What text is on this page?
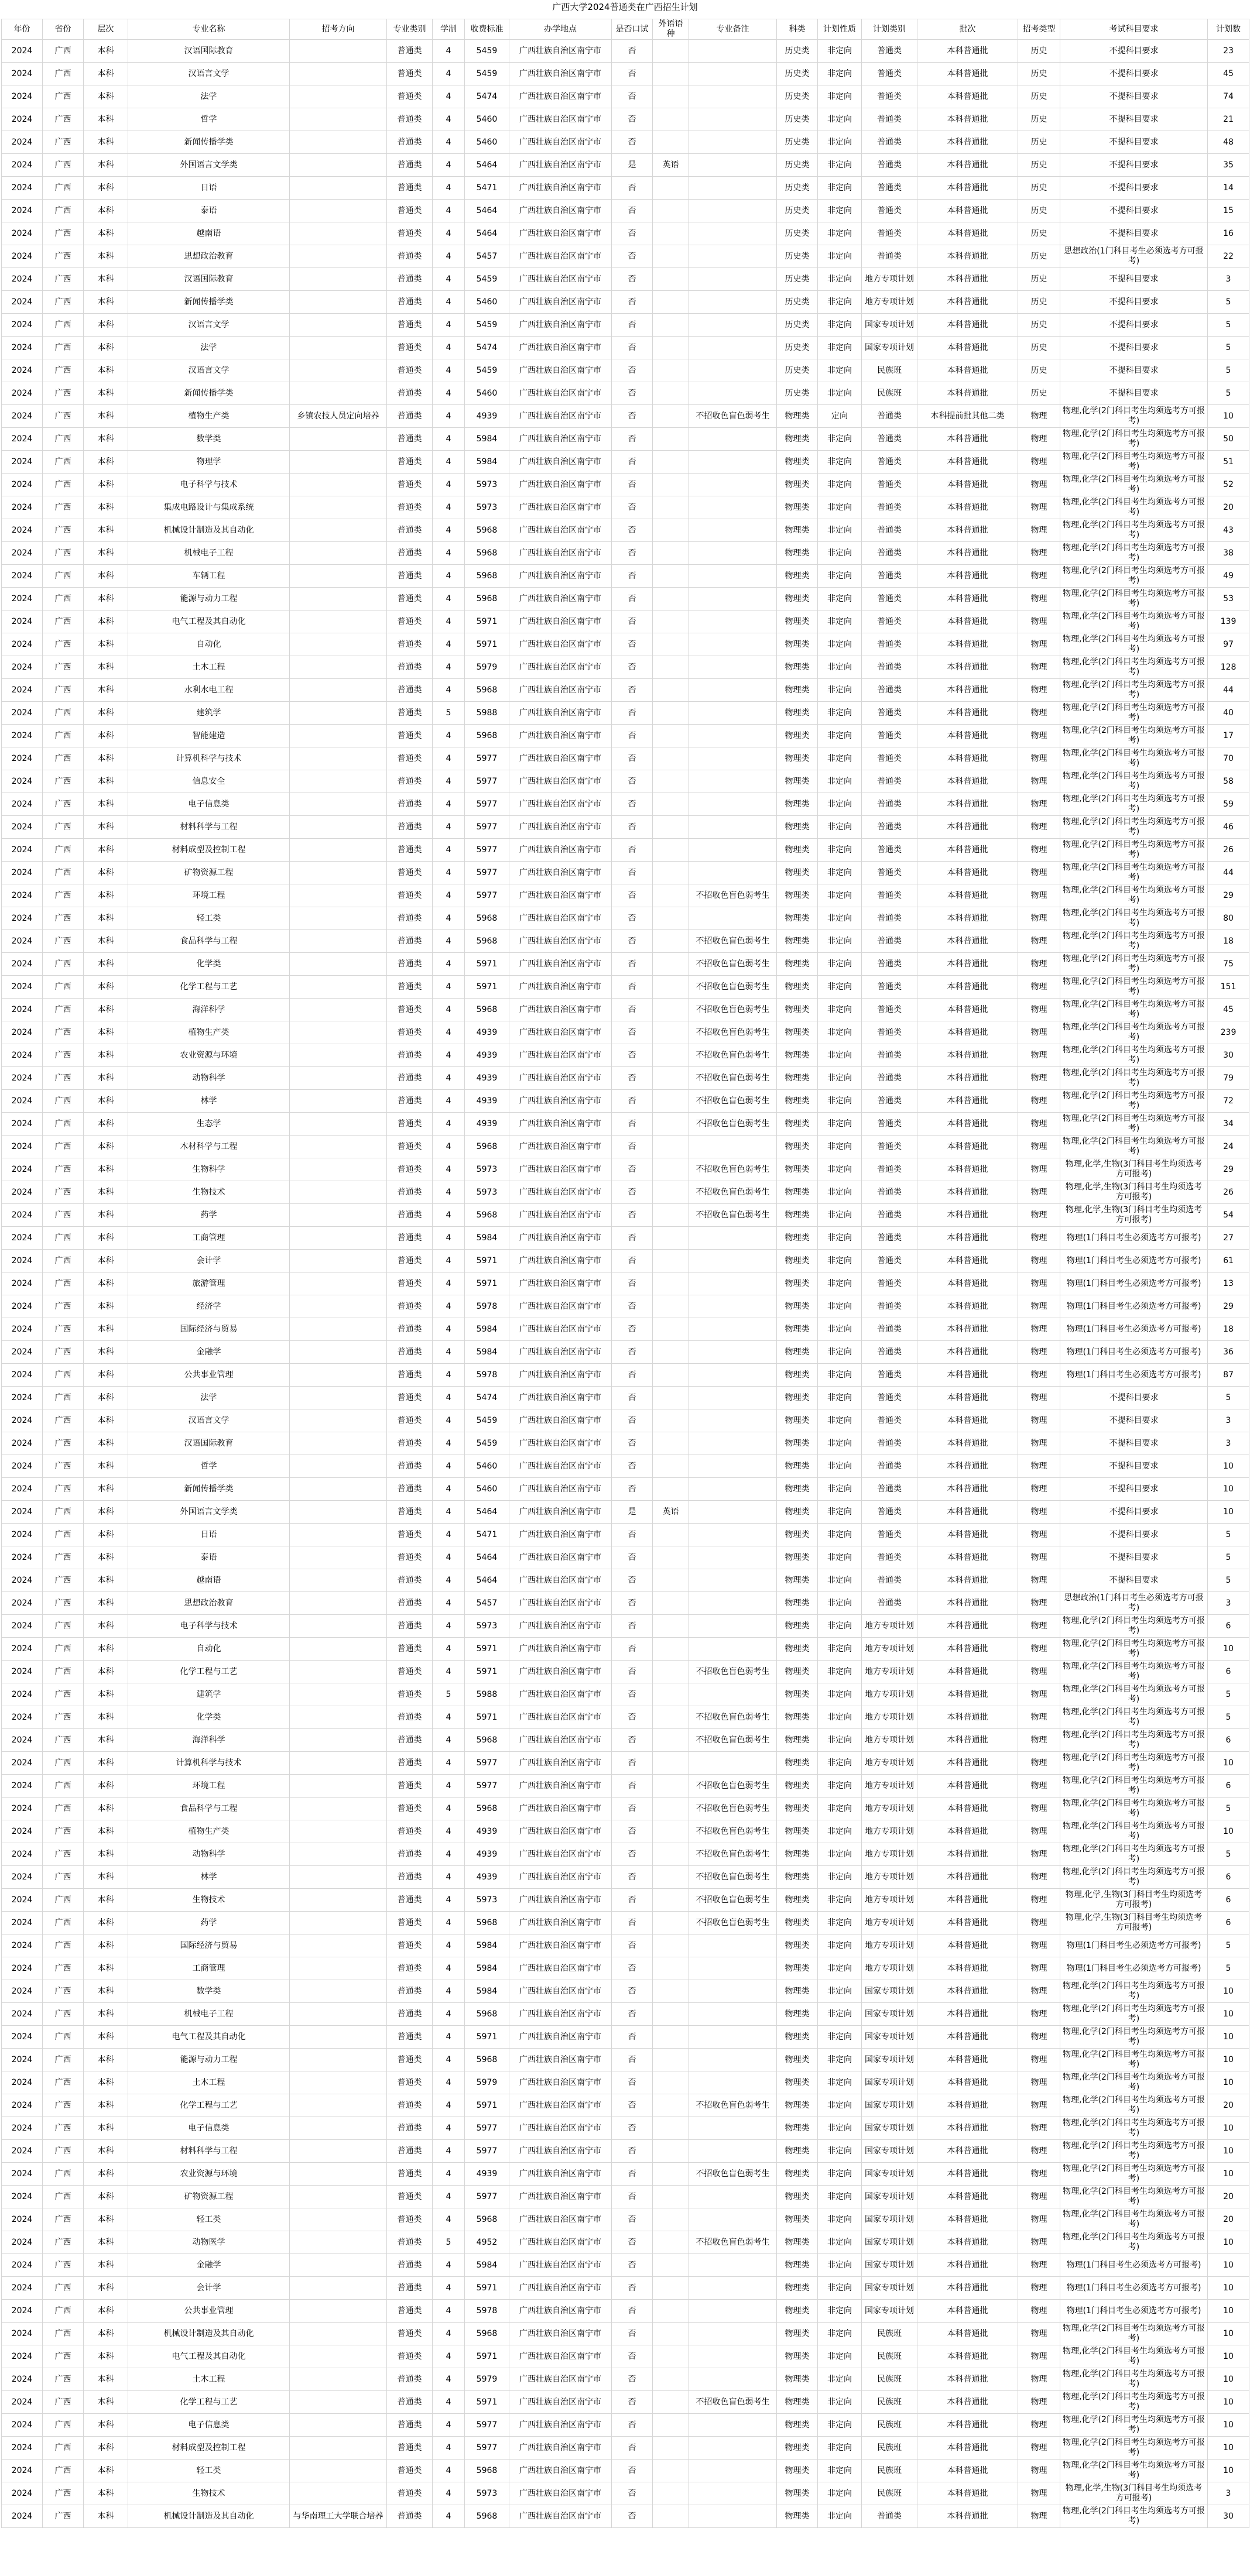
广西大学2024普通类在广西招生计划
年份	省份	层次	专业名称	招考方向	专业类别	学制	收费标准	办学地点	是否口试	外语语种	专业备注	科类	计划性质	计划类别	批次	招考类型	考试科目要求	计划数
2024	广西	本科	汉语国际教育		普通类	4	5459	广西壮族自治区南宁市	否			历史类	非定向	普通类	本科普通批	历史	不提科目要求	23
2024	广西	本科	汉语言文学		普通类	4	5459	广西壮族自治区南宁市	否			历史类	非定向	普通类	本科普通批	历史	不提科目要求	45
2024	广西	本科	法学		普通类	4	5474	广西壮族自治区南宁市	否			历史类	非定向	普通类	本科普通批	历史	不提科目要求	74
2024	广西	本科	哲学		普通类	4	5460	广西壮族自治区南宁市	否			历史类	非定向	普通类	本科普通批	历史	不提科目要求	21
2024	广西	本科	新闻传播学类		普通类	4	5460	广西壮族自治区南宁市	否			历史类	非定向	普通类	本科普通批	历史	不提科目要求	48
2024	广西	本科	外国语言文学类		普通类	4	5464	广西壮族自治区南宁市	是	英语		历史类	非定向	普通类	本科普通批	历史	不提科目要求	35
2024	广西	本科	日语		普通类	4	5471	广西壮族自治区南宁市	否			历史类	非定向	普通类	本科普通批	历史	不提科目要求	14
2024	广西	本科	泰语		普通类	4	5464	广西壮族自治区南宁市	否			历史类	非定向	普通类	本科普通批	历史	不提科目要求	15
2024	广西	本科	越南语		普通类	4	5464	广西壮族自治区南宁市	否			历史类	非定向	普通类	本科普通批	历史	不提科目要求	16
2024	广西	本科	思想政治教育		普通类	4	5457	广西壮族自治区南宁市	否			历史类	非定向	普通类	本科普通批	历史	思想政治(1门科目考生必须选考方可报考)	22
2024	广西	本科	汉语国际教育		普通类	4	5459	广西壮族自治区南宁市	否			历史类	非定向	地方专项计划	本科普通批	历史	不提科目要求	3
2024	广西	本科	新闻传播学类		普通类	4	5460	广西壮族自治区南宁市	否			历史类	非定向	地方专项计划	本科普通批	历史	不提科目要求	5
2024	广西	本科	汉语言文学		普通类	4	5459	广西壮族自治区南宁市	否			历史类	非定向	国家专项计划	本科普通批	历史	不提科目要求	5
2024	广西	本科	法学		普通类	4	5474	广西壮族自治区南宁市	否			历史类	非定向	国家专项计划	本科普通批	历史	不提科目要求	5
2024	广西	本科	汉语言文学		普通类	4	5459	广西壮族自治区南宁市	否			历史类	非定向	民族班	本科普通批	历史	不提科目要求	5
2024	广西	本科	新闻传播学类		普通类	4	5460	广西壮族自治区南宁市	否			历史类	非定向	民族班	本科普通批	历史	不提科目要求	5
2024	广西	本科	植物生产类	乡镇农技人员定向培养	普通类	4	4939	广西壮族自治区南宁市	否		不招收色盲色弱考生	物理类	定向	普通类	本科提前批其他二类	物理	物理,化学(2门科目考生均须选考方可报考)	10
2024	广西	本科	数学类		普通类	4	5984	广西壮族自治区南宁市	否			物理类	非定向	普通类	本科普通批	物理	物理,化学(2门科目考生均须选考方可报考)	50
2024	广西	本科	物理学		普通类	4	5984	广西壮族自治区南宁市	否			物理类	非定向	普通类	本科普通批	物理	物理,化学(2门科目考生均须选考方可报考)	51
2024	广西	本科	电子科学与技术		普通类	4	5973	广西壮族自治区南宁市	否			物理类	非定向	普通类	本科普通批	物理	物理,化学(2门科目考生均须选考方可报考)	52
2024	广西	本科	集成电路设计与集成系统		普通类	4	5973	广西壮族自治区南宁市	否			物理类	非定向	普通类	本科普通批	物理	物理,化学(2门科目考生均须选考方可报考)	20
2024	广西	本科	机械设计制造及其自动化		普通类	4	5968	广西壮族自治区南宁市	否			物理类	非定向	普通类	本科普通批	物理	物理,化学(2门科目考生均须选考方可报考)	43
2024	广西	本科	机械电子工程		普通类	4	5968	广西壮族自治区南宁市	否			物理类	非定向	普通类	本科普通批	物理	物理,化学(2门科目考生均须选考方可报考)	38
2024	广西	本科	车辆工程		普通类	4	5968	广西壮族自治区南宁市	否			物理类	非定向	普通类	本科普通批	物理	物理,化学(2门科目考生均须选考方可报考)	49
2024	广西	本科	能源与动力工程		普通类	4	5968	广西壮族自治区南宁市	否			物理类	非定向	普通类	本科普通批	物理	物理,化学(2门科目考生均须选考方可报考)	53
2024	广西	本科	电气工程及其自动化		普通类	4	5971	广西壮族自治区南宁市	否			物理类	非定向	普通类	本科普通批	物理	物理,化学(2门科目考生均须选考方可报考)	139
2024	广西	本科	自动化		普通类	4	5971	广西壮族自治区南宁市	否			物理类	非定向	普通类	本科普通批	物理	物理,化学(2门科目考生均须选考方可报考)	97
2024	广西	本科	土木工程		普通类	4	5979	广西壮族自治区南宁市	否			物理类	非定向	普通类	本科普通批	物理	物理,化学(2门科目考生均须选考方可报考)	128
2024	广西	本科	水利水电工程		普通类	4	5968	广西壮族自治区南宁市	否			物理类	非定向	普通类	本科普通批	物理	物理,化学(2门科目考生均须选考方可报考)	44
2024	广西	本科	建筑学		普通类	5	5988	广西壮族自治区南宁市	否			物理类	非定向	普通类	本科普通批	物理	物理,化学(2门科目考生均须选考方可报考)	40
2024	广西	本科	智能建造		普通类	4	5968	广西壮族自治区南宁市	否			物理类	非定向	普通类	本科普通批	物理	物理,化学(2门科目考生均须选考方可报考)	17
2024	广西	本科	计算机科学与技术		普通类	4	5977	广西壮族自治区南宁市	否			物理类	非定向	普通类	本科普通批	物理	物理,化学(2门科目考生均须选考方可报考)	70
2024	广西	本科	信息安全		普通类	4	5977	广西壮族自治区南宁市	否			物理类	非定向	普通类	本科普通批	物理	物理,化学(2门科目考生均须选考方可报考)	58
2024	广西	本科	电子信息类		普通类	4	5977	广西壮族自治区南宁市	否			物理类	非定向	普通类	本科普通批	物理	物理,化学(2门科目考生均须选考方可报考)	59
2024	广西	本科	材料科学与工程		普通类	4	5977	广西壮族自治区南宁市	否			物理类	非定向	普通类	本科普通批	物理	物理,化学(2门科目考生均须选考方可报考)	46
2024	广西	本科	材料成型及控制工程		普通类	4	5977	广西壮族自治区南宁市	否			物理类	非定向	普通类	本科普通批	物理	物理,化学(2门科目考生均须选考方可报考)	26
2024	广西	本科	矿物资源工程		普通类	4	5977	广西壮族自治区南宁市	否			物理类	非定向	普通类	本科普通批	物理	物理,化学(2门科目考生均须选考方可报考)	44
2024	广西	本科	环境工程		普通类	4	5977	广西壮族自治区南宁市	否		不招收色盲色弱考生	物理类	非定向	普通类	本科普通批	物理	物理,化学(2门科目考生均须选考方可报考)	29
2024	广西	本科	轻工类		普通类	4	5968	广西壮族自治区南宁市	否			物理类	非定向	普通类	本科普通批	物理	物理,化学(2门科目考生均须选考方可报考)	80
2024	广西	本科	食品科学与工程		普通类	4	5968	广西壮族自治区南宁市	否		不招收色盲色弱考生	物理类	非定向	普通类	本科普通批	物理	物理,化学(2门科目考生均须选考方可报考)	18
2024	广西	本科	化学类		普通类	4	5971	广西壮族自治区南宁市	否		不招收色盲色弱考生	物理类	非定向	普通类	本科普通批	物理	物理,化学(2门科目考生均须选考方可报考)	75
2024	广西	本科	化学工程与工艺		普通类	4	5971	广西壮族自治区南宁市	否		不招收色盲色弱考生	物理类	非定向	普通类	本科普通批	物理	物理,化学(2门科目考生均须选考方可报考)	151
2024	广西	本科	海洋科学		普通类	4	5968	广西壮族自治区南宁市	否		不招收色盲色弱考生	物理类	非定向	普通类	本科普通批	物理	物理,化学(2门科目考生均须选考方可报考)	45
2024	广西	本科	植物生产类		普通类	4	4939	广西壮族自治区南宁市	否		不招收色盲色弱考生	物理类	非定向	普通类	本科普通批	物理	物理,化学(2门科目考生均须选考方可报考)	239
2024	广西	本科	农业资源与环境		普通类	4	4939	广西壮族自治区南宁市	否		不招收色盲色弱考生	物理类	非定向	普通类	本科普通批	物理	物理,化学(2门科目考生均须选考方可报考)	30
2024	广西	本科	动物科学		普通类	4	4939	广西壮族自治区南宁市	否		不招收色盲色弱考生	物理类	非定向	普通类	本科普通批	物理	物理,化学(2门科目考生均须选考方可报考)	79
2024	广西	本科	林学		普通类	4	4939	广西壮族自治区南宁市	否		不招收色盲色弱考生	物理类	非定向	普通类	本科普通批	物理	物理,化学(2门科目考生均须选考方可报考)	72
2024	广西	本科	生态学		普通类	4	4939	广西壮族自治区南宁市	否		不招收色盲色弱考生	物理类	非定向	普通类	本科普通批	物理	物理,化学(2门科目考生均须选考方可报考)	34
2024	广西	本科	木材科学与工程		普通类	4	5968	广西壮族自治区南宁市	否			物理类	非定向	普通类	本科普通批	物理	物理,化学(2门科目考生均须选考方可报考)	24
2024	广西	本科	生物科学		普通类	4	5973	广西壮族自治区南宁市	否		不招收色盲色弱考生	物理类	非定向	普通类	本科普通批	物理	物理,化学,生物(3门科目考生均须选考方可报考)	29
2024	广西	本科	生物技术		普通类	4	5973	广西壮族自治区南宁市	否		不招收色盲色弱考生	物理类	非定向	普通类	本科普通批	物理	物理,化学,生物(3门科目考生均须选考方可报考)	26
2024	广西	本科	药学		普通类	4	5968	广西壮族自治区南宁市	否		不招收色盲色弱考生	物理类	非定向	普通类	本科普通批	物理	物理,化学,生物(3门科目考生均须选考方可报考)	54
2024	广西	本科	工商管理		普通类	4	5984	广西壮族自治区南宁市	否			物理类	非定向	普通类	本科普通批	物理	物理(1门科目考生必须选考方可报考)	27
2024	广西	本科	会计学		普通类	4	5971	广西壮族自治区南宁市	否			物理类	非定向	普通类	本科普通批	物理	物理(1门科目考生必须选考方可报考)	61
2024	广西	本科	旅游管理		普通类	4	5971	广西壮族自治区南宁市	否			物理类	非定向	普通类	本科普通批	物理	物理(1门科目考生必须选考方可报考)	13
2024	广西	本科	经济学		普通类	4	5978	广西壮族自治区南宁市	否			物理类	非定向	普通类	本科普通批	物理	物理(1门科目考生必须选考方可报考)	29
2024	广西	本科	国际经济与贸易		普通类	4	5984	广西壮族自治区南宁市	否			物理类	非定向	普通类	本科普通批	物理	物理(1门科目考生必须选考方可报考)	18
2024	广西	本科	金融学		普通类	4	5984	广西壮族自治区南宁市	否			物理类	非定向	普通类	本科普通批	物理	物理(1门科目考生必须选考方可报考)	36
2024	广西	本科	公共事业管理		普通类	4	5978	广西壮族自治区南宁市	否			物理类	非定向	普通类	本科普通批	物理	物理(1门科目考生必须选考方可报考)	87
2024	广西	本科	法学		普通类	4	5474	广西壮族自治区南宁市	否			物理类	非定向	普通类	本科普通批	物理	不提科目要求	5
2024	广西	本科	汉语言文学		普通类	4	5459	广西壮族自治区南宁市	否			物理类	非定向	普通类	本科普通批	物理	不提科目要求	3
2024	广西	本科	汉语国际教育		普通类	4	5459	广西壮族自治区南宁市	否			物理类	非定向	普通类	本科普通批	物理	不提科目要求	3
2024	广西	本科	哲学		普通类	4	5460	广西壮族自治区南宁市	否			物理类	非定向	普通类	本科普通批	物理	不提科目要求	10
2024	广西	本科	新闻传播学类		普通类	4	5460	广西壮族自治区南宁市	否			物理类	非定向	普通类	本科普通批	物理	不提科目要求	10
2024	广西	本科	外国语言文学类		普通类	4	5464	广西壮族自治区南宁市	是	英语		物理类	非定向	普通类	本科普通批	物理	不提科目要求	10
2024	广西	本科	日语		普通类	4	5471	广西壮族自治区南宁市	否			物理类	非定向	普通类	本科普通批	物理	不提科目要求	5
2024	广西	本科	泰语		普通类	4	5464	广西壮族自治区南宁市	否			物理类	非定向	普通类	本科普通批	物理	不提科目要求	5
2024	广西	本科	越南语		普通类	4	5464	广西壮族自治区南宁市	否			物理类	非定向	普通类	本科普通批	物理	不提科目要求	5
2024	广西	本科	思想政治教育		普通类	4	5457	广西壮族自治区南宁市	否			物理类	非定向	普通类	本科普通批	物理	思想政治(1门科目考生必须选考方可报考)	3
2024	广西	本科	电子科学与技术		普通类	4	5973	广西壮族自治区南宁市	否			物理类	非定向	地方专项计划	本科普通批	物理	物理,化学(2门科目考生均须选考方可报考)	6
2024	广西	本科	自动化		普通类	4	5971	广西壮族自治区南宁市	否			物理类	非定向	地方专项计划	本科普通批	物理	物理,化学(2门科目考生均须选考方可报考)	10
2024	广西	本科	化学工程与工艺		普通类	4	5971	广西壮族自治区南宁市	否		不招收色盲色弱考生	物理类	非定向	地方专项计划	本科普通批	物理	物理,化学(2门科目考生均须选考方可报考)	6
2024	广西	本科	建筑学		普通类	5	5988	广西壮族自治区南宁市	否			物理类	非定向	地方专项计划	本科普通批	物理	物理,化学(2门科目考生均须选考方可报考)	5
2024	广西	本科	化学类		普通类	4	5971	广西壮族自治区南宁市	否		不招收色盲色弱考生	物理类	非定向	地方专项计划	本科普通批	物理	物理,化学(2门科目考生均须选考方可报考)	5
2024	广西	本科	海洋科学		普通类	4	5968	广西壮族自治区南宁市	否		不招收色盲色弱考生	物理类	非定向	地方专项计划	本科普通批	物理	物理,化学(2门科目考生均须选考方可报考)	6
2024	广西	本科	计算机科学与技术		普通类	4	5977	广西壮族自治区南宁市	否			物理类	非定向	地方专项计划	本科普通批	物理	物理,化学(2门科目考生均须选考方可报考)	10
2024	广西	本科	环境工程		普通类	4	5977	广西壮族自治区南宁市	否		不招收色盲色弱考生	物理类	非定向	地方专项计划	本科普通批	物理	物理,化学(2门科目考生均须选考方可报考)	6
2024	广西	本科	食品科学与工程		普通类	4	5968	广西壮族自治区南宁市	否		不招收色盲色弱考生	物理类	非定向	地方专项计划	本科普通批	物理	物理,化学(2门科目考生均须选考方可报考)	5
2024	广西	本科	植物生产类		普通类	4	4939	广西壮族自治区南宁市	否		不招收色盲色弱考生	物理类	非定向	地方专项计划	本科普通批	物理	物理,化学(2门科目考生均须选考方可报考)	10
2024	广西	本科	动物科学		普通类	4	4939	广西壮族自治区南宁市	否		不招收色盲色弱考生	物理类	非定向	地方专项计划	本科普通批	物理	物理,化学(2门科目考生均须选考方可报考)	5
2024	广西	本科	林学		普通类	4	4939	广西壮族自治区南宁市	否		不招收色盲色弱考生	物理类	非定向	地方专项计划	本科普通批	物理	物理,化学(2门科目考生均须选考方可报考)	6
2024	广西	本科	生物技术		普通类	4	5973	广西壮族自治区南宁市	否		不招收色盲色弱考生	物理类	非定向	地方专项计划	本科普通批	物理	物理,化学,生物(3门科目考生均须选考方可报考)	6
2024	广西	本科	药学		普通类	4	5968	广西壮族自治区南宁市	否		不招收色盲色弱考生	物理类	非定向	地方专项计划	本科普通批	物理	物理,化学,生物(3门科目考生均须选考方可报考)	6
2024	广西	本科	国际经济与贸易		普通类	4	5984	广西壮族自治区南宁市	否			物理类	非定向	地方专项计划	本科普通批	物理	物理(1门科目考生必须选考方可报考)	5
2024	广西	本科	工商管理		普通类	4	5984	广西壮族自治区南宁市	否			物理类	非定向	地方专项计划	本科普通批	物理	物理(1门科目考生必须选考方可报考)	5
2024	广西	本科	数学类		普通类	4	5984	广西壮族自治区南宁市	否			物理类	非定向	国家专项计划	本科普通批	物理	物理,化学(2门科目考生均须选考方可报考)	10
2024	广西	本科	机械电子工程		普通类	4	5968	广西壮族自治区南宁市	否			物理类	非定向	国家专项计划	本科普通批	物理	物理,化学(2门科目考生均须选考方可报考)	10
2024	广西	本科	电气工程及其自动化		普通类	4	5971	广西壮族自治区南宁市	否			物理类	非定向	国家专项计划	本科普通批	物理	物理,化学(2门科目考生均须选考方可报考)	10
2024	广西	本科	能源与动力工程		普通类	4	5968	广西壮族自治区南宁市	否			物理类	非定向	国家专项计划	本科普通批	物理	物理,化学(2门科目考生均须选考方可报考)	10
2024	广西	本科	土木工程		普通类	4	5979	广西壮族自治区南宁市	否			物理类	非定向	国家专项计划	本科普通批	物理	物理,化学(2门科目考生均须选考方可报考)	10
2024	广西	本科	化学工程与工艺		普通类	4	5971	广西壮族自治区南宁市	否		不招收色盲色弱考生	物理类	非定向	国家专项计划	本科普通批	物理	物理,化学(2门科目考生均须选考方可报考)	20
2024	广西	本科	电子信息类		普通类	4	5977	广西壮族自治区南宁市	否			物理类	非定向	国家专项计划	本科普通批	物理	物理,化学(2门科目考生均须选考方可报考)	10
2024	广西	本科	材料科学与工程		普通类	4	5977	广西壮族自治区南宁市	否			物理类	非定向	国家专项计划	本科普通批	物理	物理,化学(2门科目考生均须选考方可报考)	10
2024	广西	本科	农业资源与环境		普通类	4	4939	广西壮族自治区南宁市	否		不招收色盲色弱考生	物理类	非定向	国家专项计划	本科普通批	物理	物理,化学(2门科目考生均须选考方可报考)	10
2024	广西	本科	矿物资源工程		普通类	4	5977	广西壮族自治区南宁市	否			物理类	非定向	国家专项计划	本科普通批	物理	物理,化学(2门科目考生均须选考方可报考)	20
2024	广西	本科	轻工类		普通类	4	5968	广西壮族自治区南宁市	否			物理类	非定向	国家专项计划	本科普通批	物理	物理,化学(2门科目考生均须选考方可报考)	20
2024	广西	本科	动物医学		普通类	5	4952	广西壮族自治区南宁市	否		不招收色盲色弱考生	物理类	非定向	国家专项计划	本科普通批	物理	物理,化学(2门科目考生均须选考方可报考)	10
2024	广西	本科	金融学		普通类	4	5984	广西壮族自治区南宁市	否			物理类	非定向	国家专项计划	本科普通批	物理	物理(1门科目考生必须选考方可报考)	10
2024	广西	本科	会计学		普通类	4	5971	广西壮族自治区南宁市	否			物理类	非定向	国家专项计划	本科普通批	物理	物理(1门科目考生必须选考方可报考)	10
2024	广西	本科	公共事业管理		普通类	4	5978	广西壮族自治区南宁市	否			物理类	非定向	国家专项计划	本科普通批	物理	物理(1门科目考生必须选考方可报考)	10
2024	广西	本科	机械设计制造及其自动化		普通类	4	5968	广西壮族自治区南宁市	否			物理类	非定向	民族班	本科普通批	物理	物理,化学(2门科目考生均须选考方可报考)	10
2024	广西	本科	电气工程及其自动化		普通类	4	5971	广西壮族自治区南宁市	否			物理类	非定向	民族班	本科普通批	物理	物理,化学(2门科目考生均须选考方可报考)	10
2024	广西	本科	土木工程		普通类	4	5979	广西壮族自治区南宁市	否			物理类	非定向	民族班	本科普通批	物理	物理,化学(2门科目考生均须选考方可报考)	10
2024	广西	本科	化学工程与工艺		普通类	4	5971	广西壮族自治区南宁市	否		不招收色盲色弱考生	物理类	非定向	民族班	本科普通批	物理	物理,化学(2门科目考生均须选考方可报考)	10
2024	广西	本科	电子信息类		普通类	4	5977	广西壮族自治区南宁市	否			物理类	非定向	民族班	本科普通批	物理	物理,化学(2门科目考生均须选考方可报考)	10
2024	广西	本科	材料成型及控制工程		普通类	4	5977	广西壮族自治区南宁市	否			物理类	非定向	民族班	本科普通批	物理	物理,化学(2门科目考生均须选考方可报考)	10
2024	广西	本科	轻工类		普通类	4	5968	广西壮族自治区南宁市	否			物理类	非定向	民族班	本科普通批	物理	物理,化学(2门科目考生均须选考方可报考)	10
2024	广西	本科	生物技术		普通类	4	5973	广西壮族自治区南宁市	否			物理类	非定向	民族班	本科普通批	物理	物理,化学,生物(3门科目考生均须选考方可报考)	3
2024	广西	本科	机械设计制造及其自动化	与华南理工大学联合培养	普通类	4	5968	广西壮族自治区南宁市	否			物理类	非定向	普通类	本科普通批	物理	物理,化学(2门科目考生均须选考方可报考)	30
